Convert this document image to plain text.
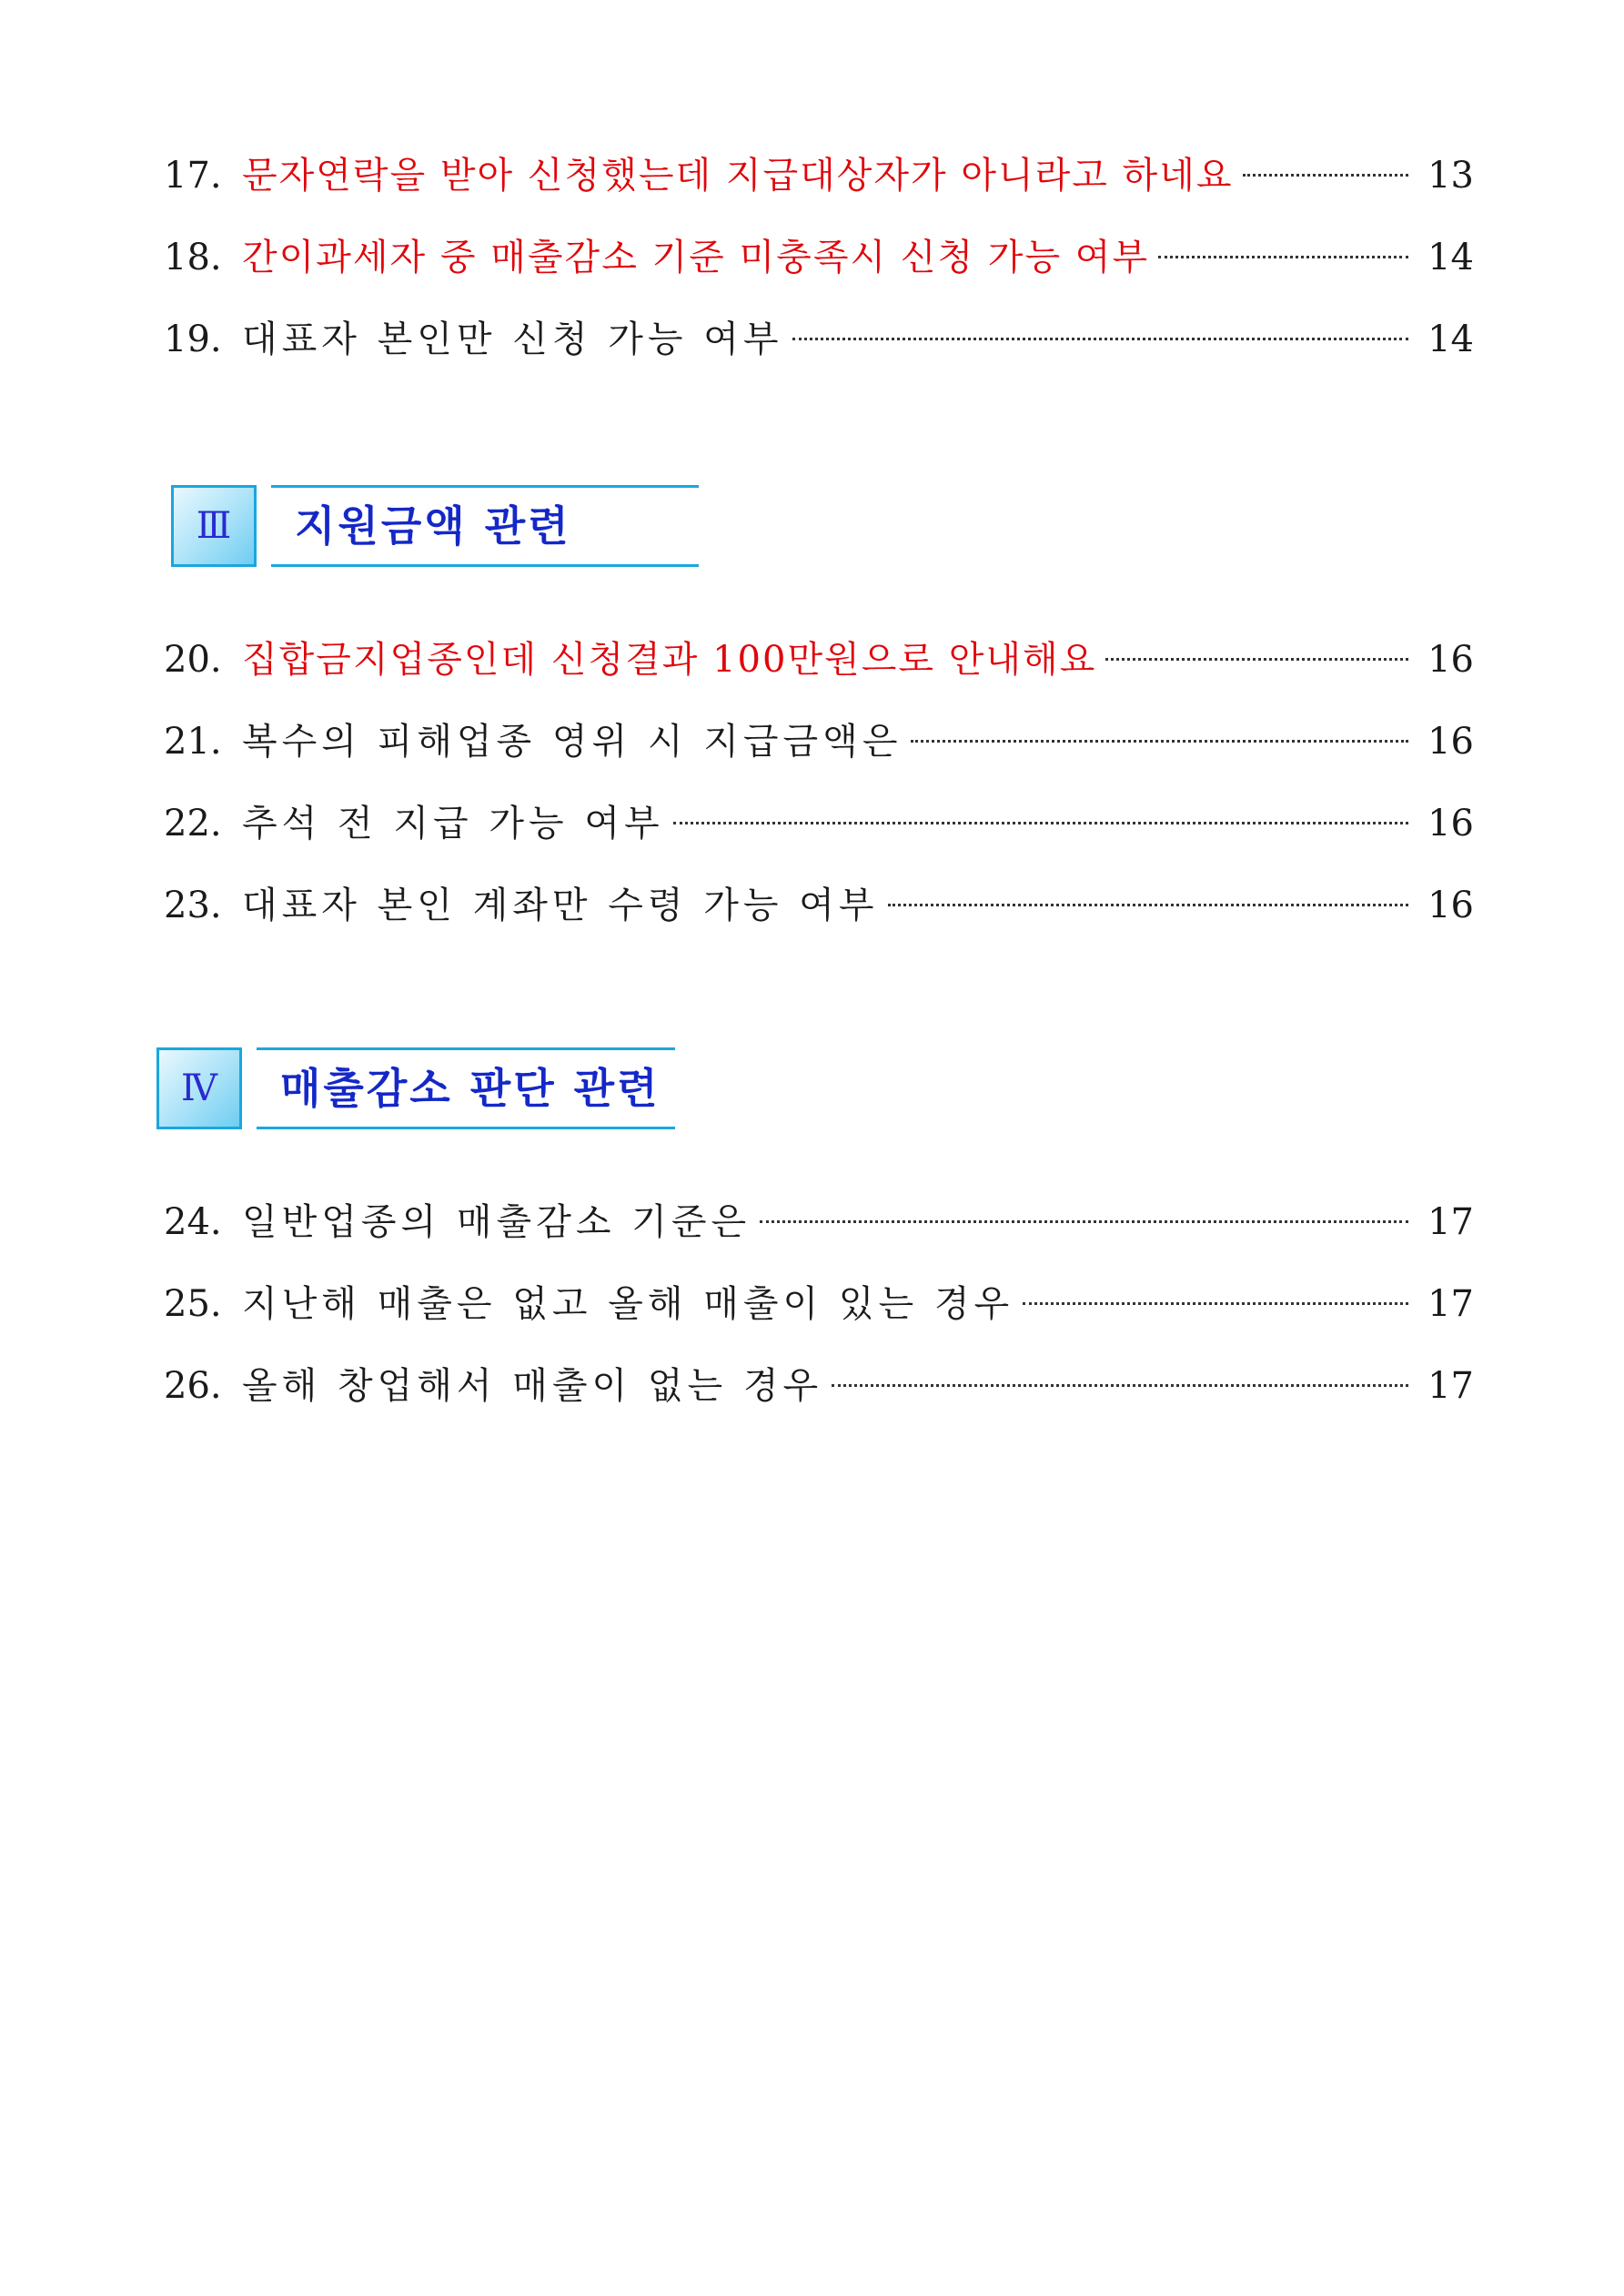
17. 문자연락을 받아 신청했는데 지급대상자가 아니라고 하네요	13
18. 간이과세자 중 매출감소 기준 미충족시 신청 가능 여부	14
19. 대표자 본인만 신청 가능 여부	14
Ⅲ	지원금액 관련
20. 집합금지업종인데 신청결과 100만원으로 안내해요	16
21. 복수의 피해업종 영위 시 지급금액은	16
22. 추석 전 지급 가능 여부	16
23. 대표자 본인 계좌만 수령 가능 여부	16
Ⅳ	매출감소 판단 관련
24. 일반업종의 매출감소 기준은	17
25. 지난해 매출은 없고 올해 매출이 있는 경우	17
26. 올해 창업해서 매출이 없는 경우	17
